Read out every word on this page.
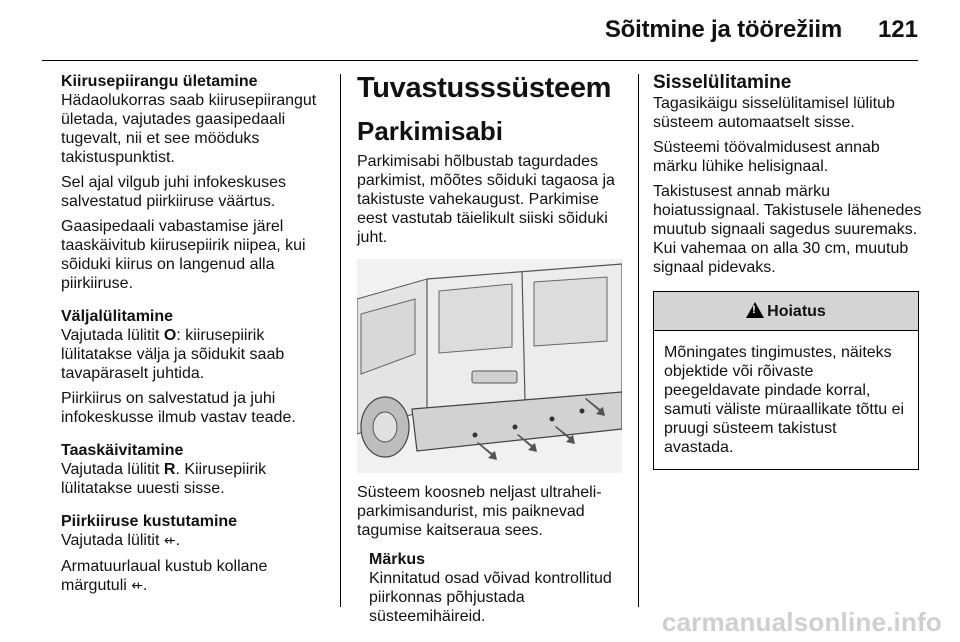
Sõitmine ja töörežiim 121
Kiirusepiirangu ületamine

Hädaolukorras saab kiirusepiirangut ületada, vajutades gaasipedaali tugevalt, nii et see mööduks takistuspunktist.

Sel ajal vilgub juhi infokeskuses salvestatud piirkiiruse väärtus.

Gaasipedaali vabastamise järel taaskäivitub kiirusepiirik niipea, kui sõiduki kiirus on langenud alla piirkiiruse.

Väljalülitamine

Vajutada lülitit O: kiirusepiirik lülitatakse välja ja sõidukit saab tavapäraselt juhtida.

Piirkiirus on salvestatud ja juhi infokeskusse ilmub vastav teade.

Taaskäivitamine

Vajutada lülitit R. Kiirusepiirik lülitatakse uuesti sisse.

Piirkiiruse kustutamine

Vajutada lülitit ⇷.

Armatuurlaual kustub kollane märgutuli ⇷.

Tuvastusssüsteem
Parkimisabi

Parkimisabi hõlbustab tagurdades parkimist, mõõtes sõiduki tagaosa ja takistuste vahekaugust. Parkimise eest vastutab täielikult siiski sõiduki juht.

Süsteem koosneb neljast ultraheli-parkimisandurist, mis paiknevad tagumise kaitseraua sees.

Märkus

Kinnitatud osad võivad kontrollitud piirkonnas põhjustada süsteemihäireid.

Sisselülitamine

Tagasikäigu sisselülitamisel lülitub süsteem automaatselt sisse.

Süsteemi töövalmidusest annab märku lühike helisignaal.

Takistusest annab märku hoiatussignaal. Takistusele lähenedes muutub signaali sagedus suuremaks. Kui vahemaa on alla 30 cm, muutub signaal pidevaks.

!
Hoiatus
Mõningates tingimustes, näiteks objektide või rõivaste peegeldavate pindade korral, samuti väliste müraallikate tõttu ei pruugi süsteem takistust avastada.
carmanualsonline.info
